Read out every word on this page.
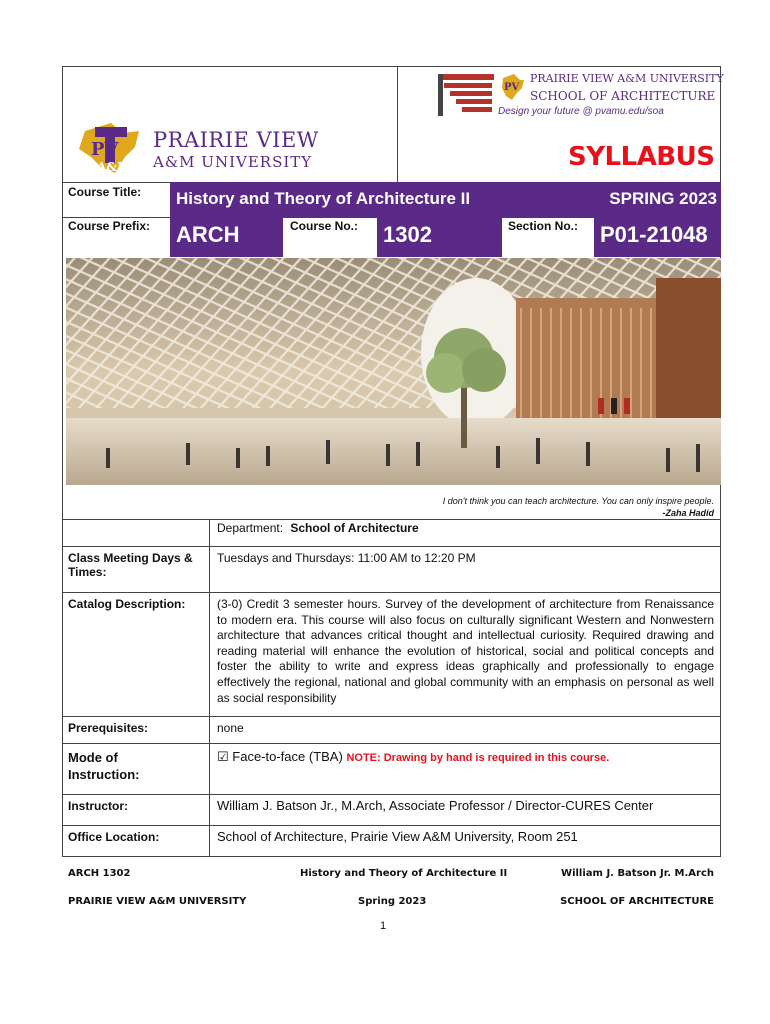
PV
A&M
PRAIRIE VIEW
A&M UNIVERSITY
PV
PRAIRIE VIEW A&M UNIVERSITY
SCHOOL OF ARCHITECTURE
Design your future @ pvamu.edu/soa
SYLLABUS
Course Title: History and Theory of Architecture II	SPRING 2023
Course Prefix: ARCH	Course No.: 1302	Section No.: P01-21048
I don't think you can teach architecture. You can only inspire people.
-Zaha Hadid
Department: School of Architecture
Class Meeting Days & Times:
Tuesdays and Thursdays: 11:00 AM to 12:20 PM
Catalog Description:	(3-0) Credit 3 semester hours. Survey of the development of architecture from Renaissance to modern era. This course will also focus on culturally significant Western and Nonwestern architecture that advances critical thought and intellectual curiosity. Required drawing and reading material will enhance the evolution of historical, social and political concepts and foster the ability to write and express ideas graphically and professionally to engage effectively the regional, national and global community with an emphasis on personal as well as social responsibility
Prerequisites:	none
Mode of Instruction:
☑ Face-to-face (TBA) NOTE: Drawing by hand is required in this course.
Instructor:	William J. Batson Jr., M.Arch, Associate Professor / Director-CURES Center
Office Location:	School of Architecture, Prairie View A&M University, Room 251
ARCH 1302	History and Theory of Architecture II	William J. Batson Jr. M.Arch
PRAIRIE VIEW A&M UNIVERSITY	Spring 2023	SCHOOL OF ARCHITECTURE
1
